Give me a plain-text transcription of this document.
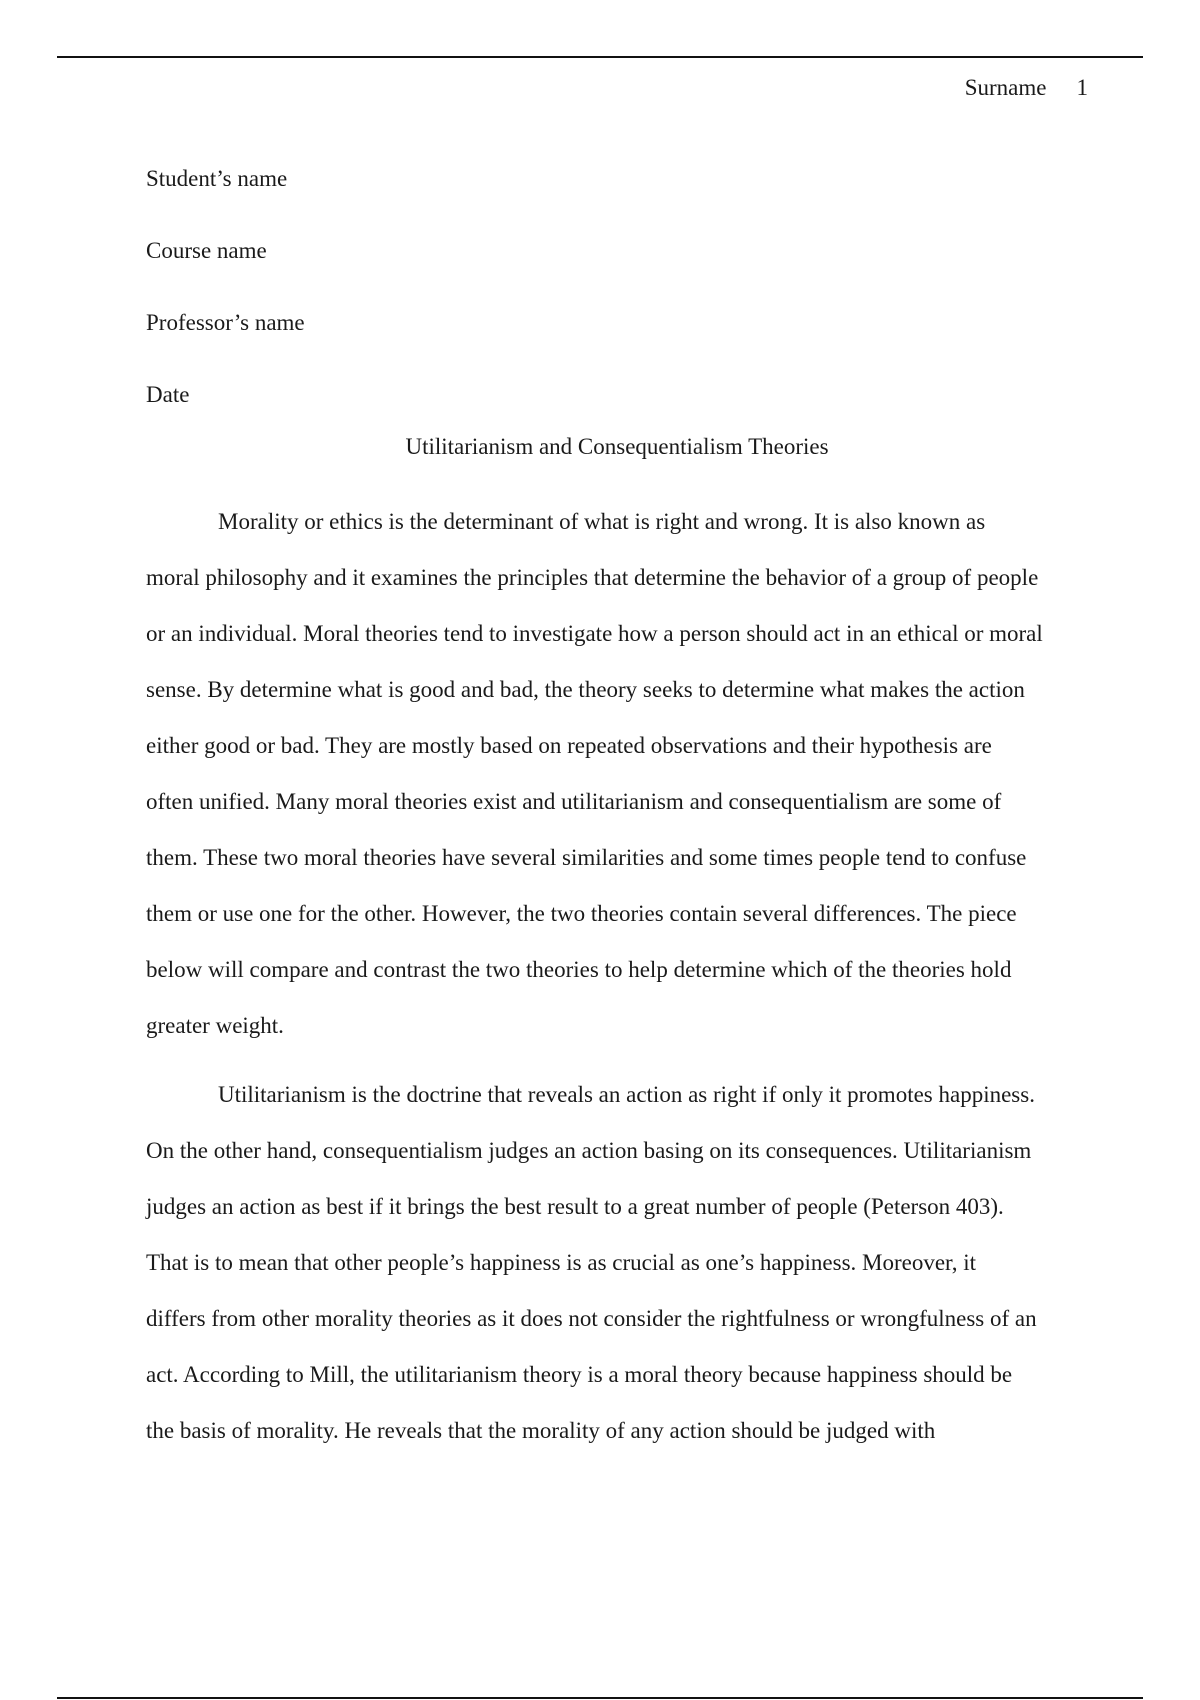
Surname 1
Student’s name
Course name
Professor’s name
Date
Utilitarianism and Consequentialism Theories
Morality or ethics is the determinant of what is right and wrong. It is also known as
moral philosophy and it examines the principles that determine the behavior of a group of people
or an individual. Moral theories tend to investigate how a person should act in an ethical or moral
sense. By determine what is good and bad, the theory seeks to determine what makes the action
either good or bad. They are mostly based on repeated observations and their hypothesis are
often unified. Many moral theories exist and utilitarianism and consequentialism are some of
them. These two moral theories have several similarities and some times people tend to confuse
them or use one for the other. However, the two theories contain several differences. The piece
below will compare and contrast the two theories to help determine which of the theories hold
greater weight.
Utilitarianism is the doctrine that reveals an action as right if only it promotes happiness.
On the other hand, consequentialism judges an action basing on its consequences. Utilitarianism
judges an action as best if it brings the best result to a great number of people (Peterson 403).
That is to mean that other people’s happiness is as crucial as one’s happiness. Moreover, it
differs from other morality theories as it does not consider the rightfulness or wrongfulness of an
act. According to Mill, the utilitarianism theory is a moral theory because happiness should be
the basis of morality. He reveals that the morality of any action should be judged with
